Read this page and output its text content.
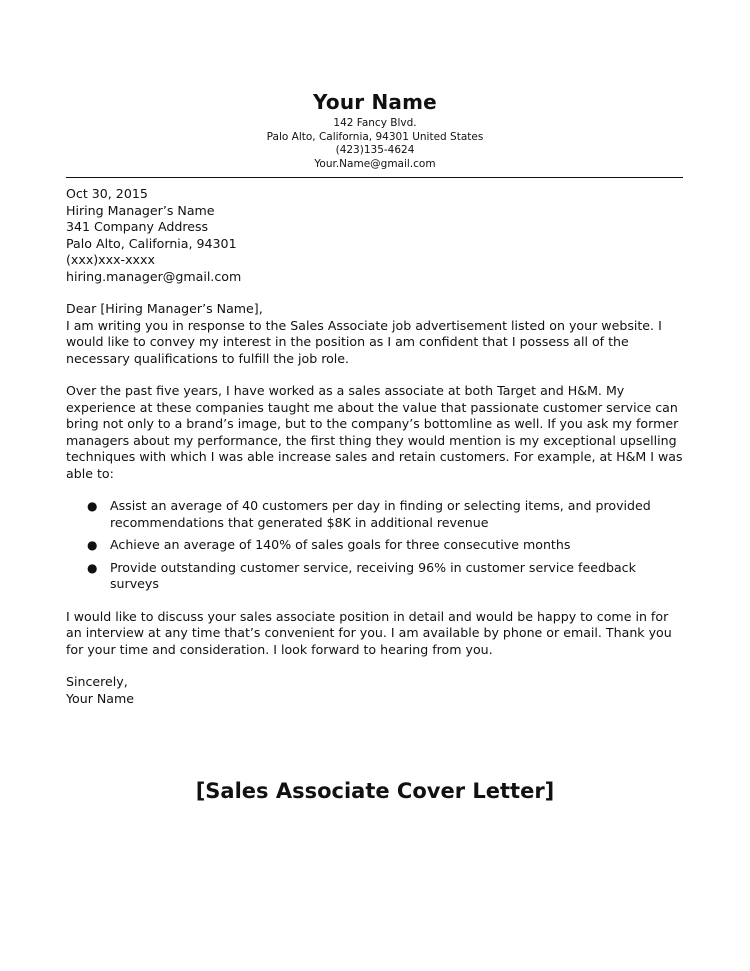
Your Name
142 Fancy Blvd.
Palo Alto, California, 94301 United States
(423)135-4624
Your.Name@gmail.com

Oct 30, 2015

Hiring Manager’s Name

341 Company Address

Palo Alto, California, 94301

(xxx)xxx-xxxx

hiring.manager@gmail.com

Dear [Hiring Manager’s Name],

I am writing you in response to the Sales Associate job advertisement listed on your website. I would like to convey my interest in the position as I am confident that I possess all of the necessary qualifications to fulfill the job role.

Over the past five years, I have worked as a sales associate at both Target and H&M. My experience at these companies taught me about the value that passionate customer service can bring not only to a brand’s image, but to the company’s bottomline as well. If you ask my former managers about my performance, the first thing they would mention is my exceptional upselling techniques with which I was able increase sales and retain customers. For example, at H&M I was able to:

● Assist an average of 40 customers per day in finding or selecting items, and provided recommendations that generated $8K in additional revenue
● Achieve an average of 140% of sales goals for three consecutive months
● Provide outstanding customer service, receiving 96% in customer service feedback surveys

I would like to discuss your sales associate position in detail and would be happy to come in for an interview at any time that’s convenient for you. I am available by phone or email. Thank you for your time and consideration. I look forward to hearing from you.

Sincerely,

Your Name

[Sales Associate Cover Letter]
